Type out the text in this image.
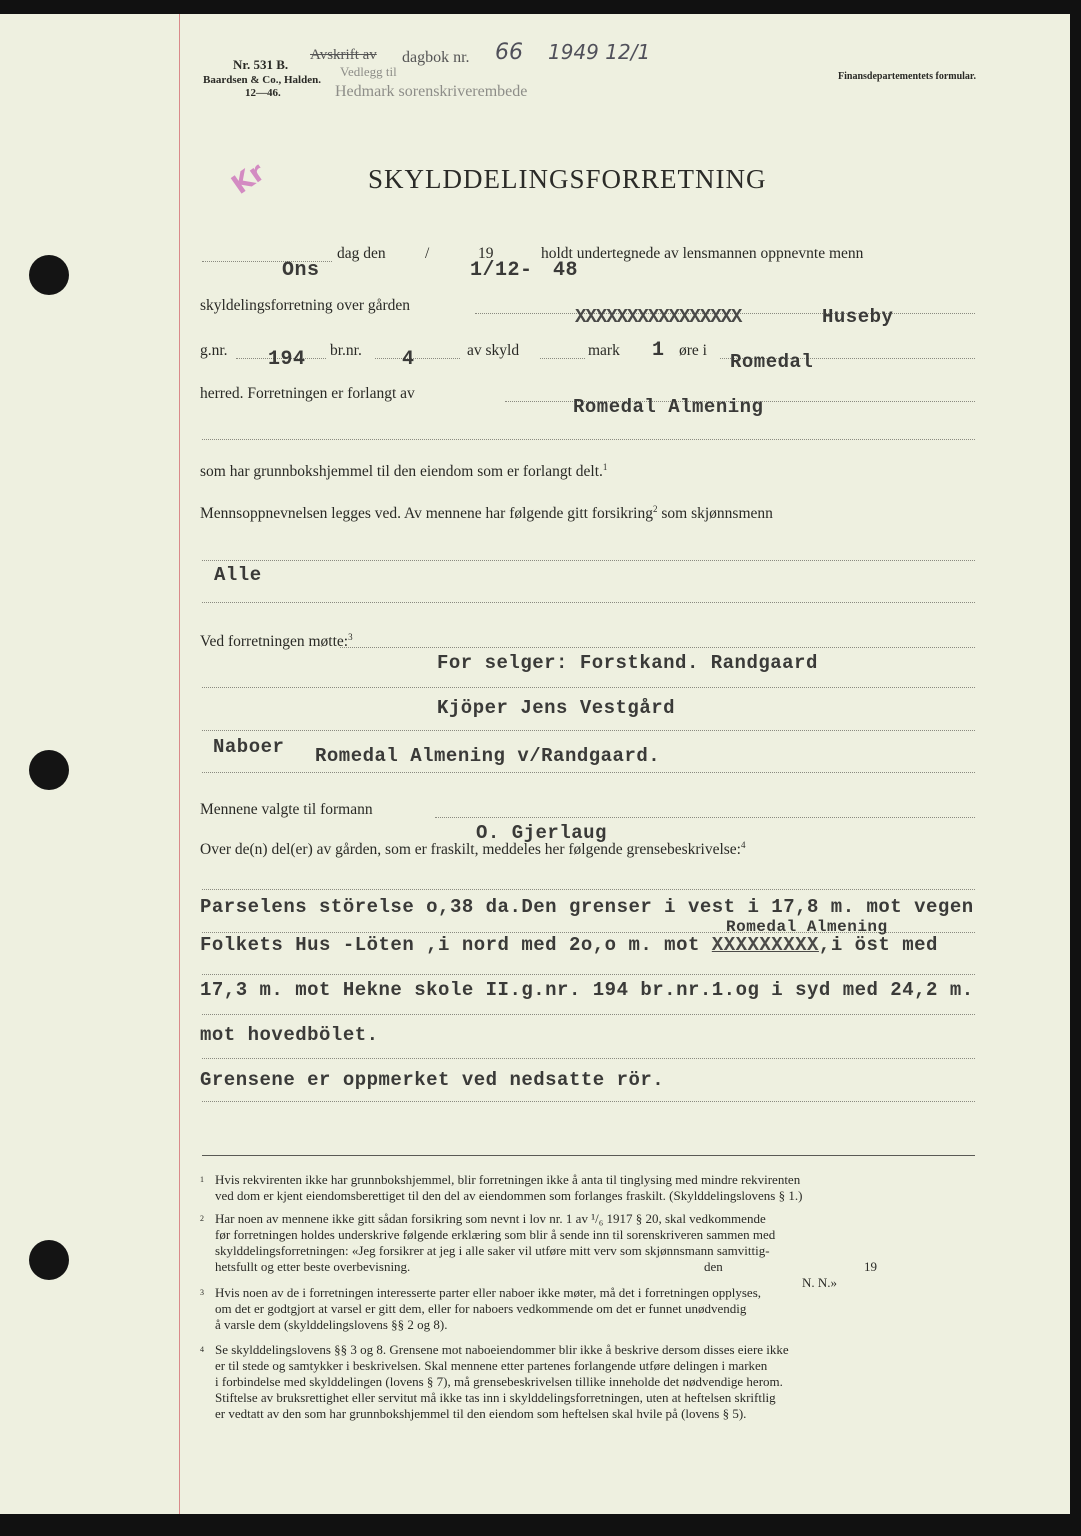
Nr. 531 B.
Baardsen & Co., Halden.
12—46.
Avskrift av
Vedlegg til
dagbok nr. 66 1949 12/1
Hedmark sorenskriverembede
Finansdepartementets formular.
Kr	SKYLDDELINGSFORRETNING
dag den	/	19	holdt undertegnede av lensmannen oppnevnte menn
Ons	1/12- 48
skyldelingsforretning over gården
XXXXXXXXXXXXXXXX	Huseby
g.nr. 194 br.nr. 4	av skyld	mark 1 øre i
Romedal
herred. Forretningen er forlangt av
Romedal Almening
som har grunnbokshjemmel til den eiendom som er forlangt delt.$^1$
Mennsoppnevnelsen legges ved. Av mennene har følgende gitt forsikring$^2$ som skjønnsmenn
Alle
Ved forretningen møtte:$^3$
For selger: Forstkand. Randgaard
Kjöper Jens Vestgård
Naboer Romedal Almening v/Randgaard.
Mennene valgte til formann
O. Gjerlaug
Over de(n) del(er) av gården, som er fraskilt, meddeles her følgende grensebeskrivelse:$^4$
Parselens störelse o,38 da.Den grenser i vest i 17,8 m. mot vegen
Romedal Almening
Folkets Hus -Löten ,i nord med 2o,o m. mot XXXXXXXXX,i öst med
17,3 m. mot Hekne skole II.g.nr. 194 br.nr.1.og i syd med 24,2 m.
mot hovedbölet.
Grensene er oppmerket ved nedsatte rör.
$^1$ Hvis rekvirenten ikke har grunnbokshjemmel, blir forretningen ikke å anta til tinglysing med mindre rekvirenten
ved dom er kjent eiendomsberettiget til den del av eiendommen som forlanges fraskilt. (Skylddelingslovens § 1.)
$^2$ Har noen av mennene ikke gitt sådan forsikring som nevnt i lov nr. 1 av ¹/₆ 1917 § 20, skal vedkommende
før forretningen holdes underskrive følgende erklæring som blir å sende inn til sorenskriveren sammen med
skylddelingsforretningen: «Jeg forsikrer at jeg i alle saker vil utføre mitt verv som skjønnsmann samvittig-
hetsfullt og etter beste overbevisning.	den	19
N. N.»
$^3$ Hvis noen av de i forretningen interesserte parter eller naboer ikke møter, må det i forretningen opplyses,
om det er godtgjort at varsel er gitt dem, eller for naboers vedkommende om det er funnet unødvendig
å varsle dem (skylddelingslovens §§ 2 og 8).
$^4$ Se skylddelingslovens §§ 3 og 8. Grensene mot naboeiendommer blir ikke å beskrive dersom disses eiere ikke
er til stede og samtykker i beskrivelsen. Skal mennene etter partenes forlangende utføre delingen i marken
i forbindelse med skylddelingen (lovens § 7), må grensebeskrivelsen tillike inneholde det nødvendige herom.
Stiftelse av bruksrettighet eller servitut må ikke tas inn i skylddelingsforretningen, uten at heftelsen skriftlig
er vedtatt av den som har grunnbokshjemmel til den eiendom som heftelsen skal hvile på (lovens § 5).
